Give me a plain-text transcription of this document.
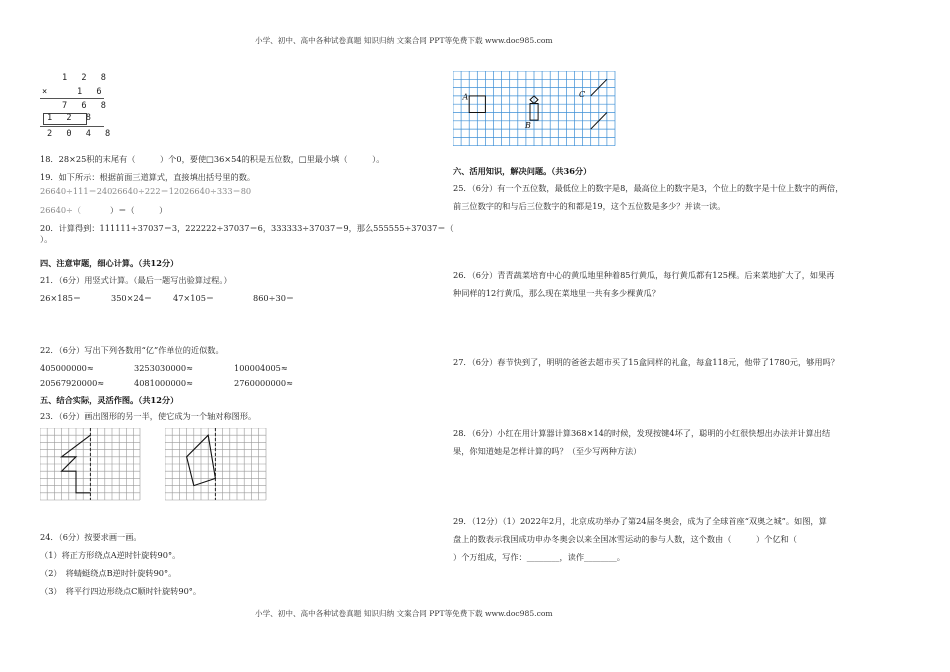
小学、初中、高中各种试卷真题 知识归纳 文案合同 PPT等免费下载 www.doc985.com
小学、初中、高中各种试卷真题 知识归纳 文案合同 PPT等免费下载 www.doc985.com
1 2 8
×	1 6
7 6 8
1 2 8
2 0 4 8
18．28×25积的末尾有（　　　）个0，要使□36×54的积是五位数，□里最小填（　　　）。
19．如下所示：根据前面三道算式，直接填出括号里的数。
26640÷111＝240 26640÷222＝120 26640÷333＝80
26640÷（	）＝（　　　）
20．计算得到：111111÷37037＝3，222222÷37037＝6，333333÷37037＝9，那么555555÷37037＝（
）。
四、注意审题，细心计算。（共12分）
21．（6分）用竖式计算。（最后一题写出验算过程。）
26×185＝	350×24＝	47×105＝	860÷30＝
22．（6分）写出下列各数用“亿”作单位的近似数。
405000000≈	3253030000≈	100004005≈
20567920000≈	4081000000≈	2760000000≈
五、结合实际，灵活作图。（共12分）
23．（6分）画出图形的另一半，使它成为一个轴对称图形。
24．（6分）按要求画一画。
（1）将正方形绕点A逆时针旋转90°。
（2）　将蜻蜓绕点B逆时针旋转90°。
（3）　将平行四边形绕点C顺时针旋转90°。
A
B
C
六、活用知识，解决问题。（共36分）
25．（6分）有一个五位数，最低位上的数字是8，最高位上的数字是3，个位上的数字是十位上数字的两倍，
前三位数字的和与后三位数字的和都是19，这个五位数是多少？并读一读。
26．（6分）青青蔬菜培育中心的黄瓜地里种着85行黄瓜，每行黄瓜都有125棵。后来菜地扩大了，如果再
种同样的12行黄瓜，那么现在菜地里一共有多少棵黄瓜？
27．（6分）春节快到了，明明的爸爸去超市买了15盒同样的礼盒，每盒118元，他带了1780元，够用吗？
28．（6分）小红在用计算器计算368×14的时候，发现按键4坏了，聪明的小红很快想出办法并计算出结
果，你知道她是怎样计算的吗？（至少写两种方法）
29．（12分）（1）2022年2月，北京成功举办了第24届冬奥会，成为了全球首座“双奥之城”。如图，算
盘上的数表示我国成功申办冬奥会以来全国冰雪运动的参与人数，这个数由（　　　）个亿和（
）个万组成，写作：________，读作________。
